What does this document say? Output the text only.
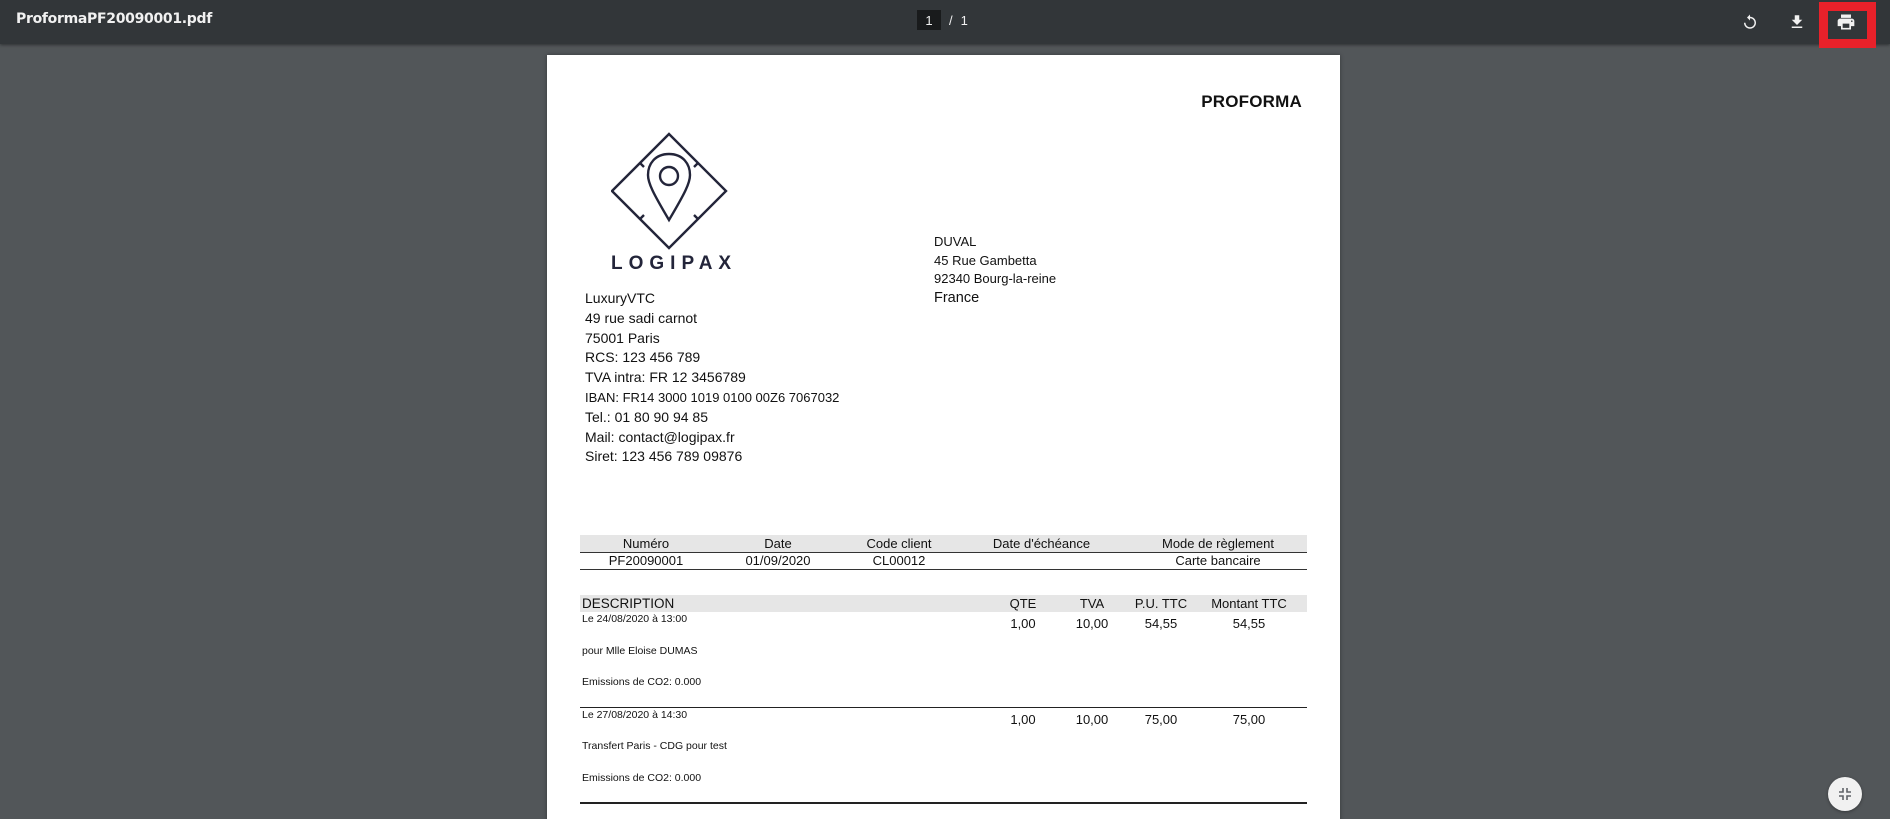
ProformaPF20090001.pdf
1	/ 1
PROFORMA
LOGIPAX
LuxuryVTC
49 rue sadi carnot
75001 Paris
RCS: 123 456 789
TVA intra: FR 12 3456789
IBAN: FR14 3000 1019 0100 00Z6 7067032
Tel.: 01 80 90 94 85
Mail: contact@logipax.fr
Siret: 123 456 789 09876
DUVAL
45 Rue Gambetta
92340 Bourg-la-reine
France
Numéro	Date	Code client	Date d'échéance	Mode de règlement
PF20090001	01/09/2020	CL00012		Carte bancaire
DESCRIPTION	QTE	TVA	P.U. TTC	Montant TTC

Le 24/08/2020 à 13:00
pour Mlle Eloise DUMAS
Emissions de CO2: 0.000	1,00	10,00	54,55	54,55

Le 27/08/2020 à 14:30
Transfert Paris - CDG pour test
Emissions de CO2: 0.000	1,00	10,00	75,00	75,00
